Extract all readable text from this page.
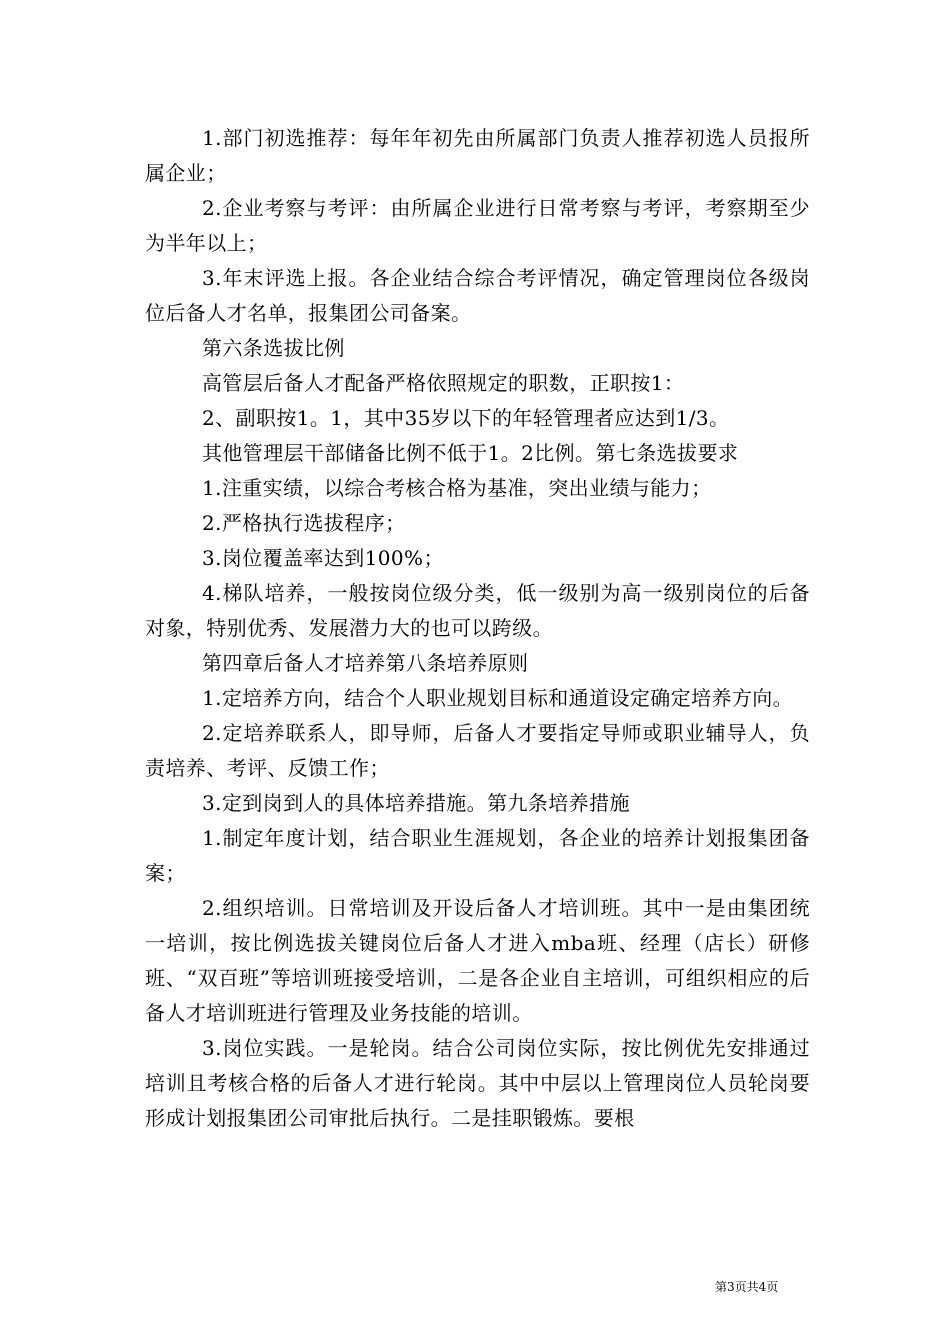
1.部门初选推荐：每年年初先由所属部门负责人推荐初选人员报所属企业；

2.企业考察与考评：由所属企业进行日常考察与考评，考察期至少为半年以上；

3.年末评选上报。各企业结合综合考评情况，确定管理岗位各级岗位后备人才名单，报集团公司备案。

第六条选拔比例

高管层后备人才配备严格依照规定的职数，正职按1：

2、副职按1。1，其中35岁以下的年轻管理者应达到1/3。

其他管理层干部储备比例不低于1。2比例。第七条选拔要求

1.注重实绩，以综合考核合格为基准，突出业绩与能力；

2.严格执行选拔程序；

3.岗位覆盖率达到100%；

4.梯队培养，一般按岗位级分类，低一级别为高一级别岗位的后备对象，特别优秀、发展潜力大的也可以跨级。

第四章后备人才培养第八条培养原则

1.定培养方向，结合个人职业规划目标和通道设定确定培养方向。

2.定培养联系人，即导师，后备人才要指定导师或职业辅导人，负责培养、考评、反馈工作；

3.定到岗到人的具体培养措施。第九条培养措施

1.制定年度计划，结合职业生涯规划，各企业的培养计划报集团备案；

2.组织培训。日常培训及开设后备人才培训班。其中一是由集团统一培训，按比例选拔关键岗位后备人才进入mba班、经理（店长）研修班、“双百班”等培训班接受培训，二是各企业自主培训，可组织相应的后备人才培训班进行管理及业务技能的培训。

3.岗位实践。一是轮岗。结合公司岗位实际，按比例优先安排通过培训且考核合格的后备人才进行轮岗。其中中层以上管理岗位人员轮岗要形成计划报集团公司审批后执行。二是挂职锻炼。要根

第3页共4页
